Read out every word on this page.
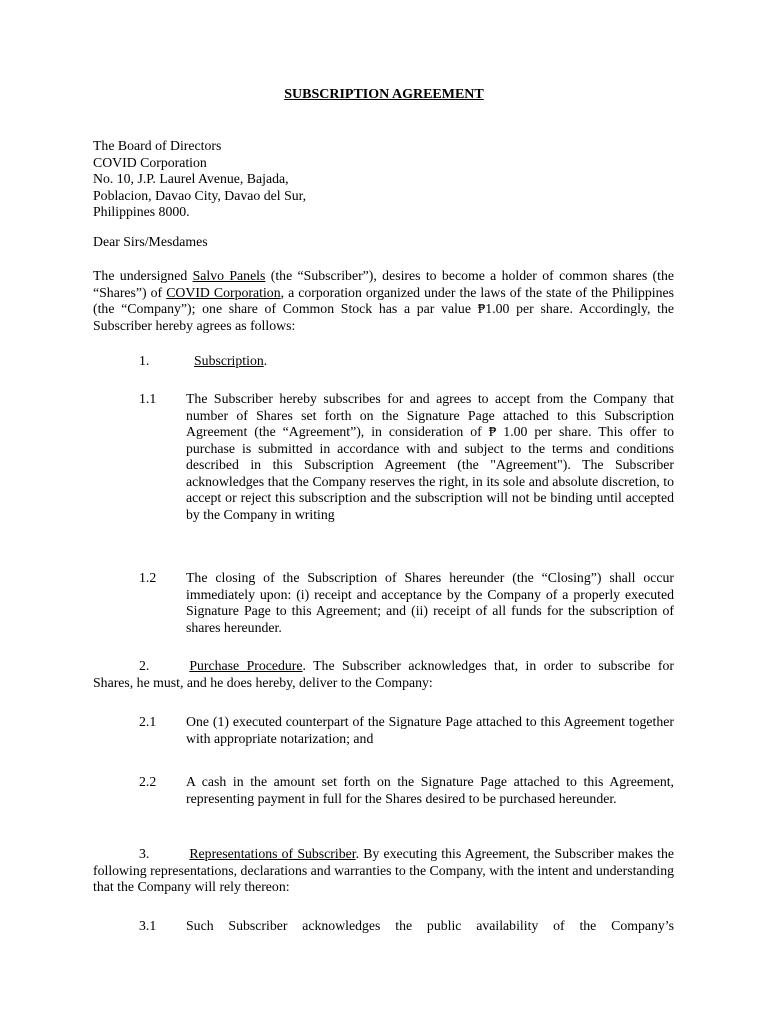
SUBSCRIPTION AGREEMENT
The Board of Directors
COVID Corporation
No. 10, J.P. Laurel Avenue, Bajada,
Poblacion, Davao City, Davao del Sur,
Philippines 8000.
Dear Sirs/Mesdames
The undersigned Salvo Panels (the “Subscriber”), desires to become a holder of common shares (the “Shares”) of COVID Corporation, a corporation organized under the laws of the state of the Philippines (the “Company”); one share of Common Stock has a par value ₱1.00 per share. Accordingly, the Subscriber hereby agrees as follows:
1.	Subscription.
1.1 The Subscriber hereby subscribes for and agrees to accept from the Company that number of Shares set forth on the Signature Page attached to this Subscription Agreement (the “Agreement”), in consideration of ₱ 1.00 per share. This offer to purchase is submitted in accordance with and subject to the terms and conditions described in this Subscription Agreement (the "Agreement"). The Subscriber acknowledges that the Company reserves the right, in its sole and absolute discretion, to accept or reject this subscription and the subscription will not be binding until accepted by the Company in writing
1.2 The closing of the Subscription of Shares hereunder (the “Closing”) shall occur immediately upon: (i) receipt and acceptance by the Company of a properly executed Signature Page to this Agreement; and (ii) receipt of all funds for the subscription of shares hereunder.
2.	Purchase Procedure. The Subscriber acknowledges that, in order to subscribe for Shares, he must, and he does hereby, deliver to the Company:
2.1 One (1) executed counterpart of the Signature Page attached to this Agreement together with appropriate notarization; and
2.2 A cash in the amount set forth on the Signature Page attached to this Agreement, representing payment in full for the Shares desired to be purchased hereunder.
3.	Representations of Subscriber. By executing this Agreement, the Subscriber makes the following representations, declarations and warranties to the Company, with the intent and understanding that the Company will rely thereon:
3.1 Such Subscriber acknowledges the public availability of the Company’s
